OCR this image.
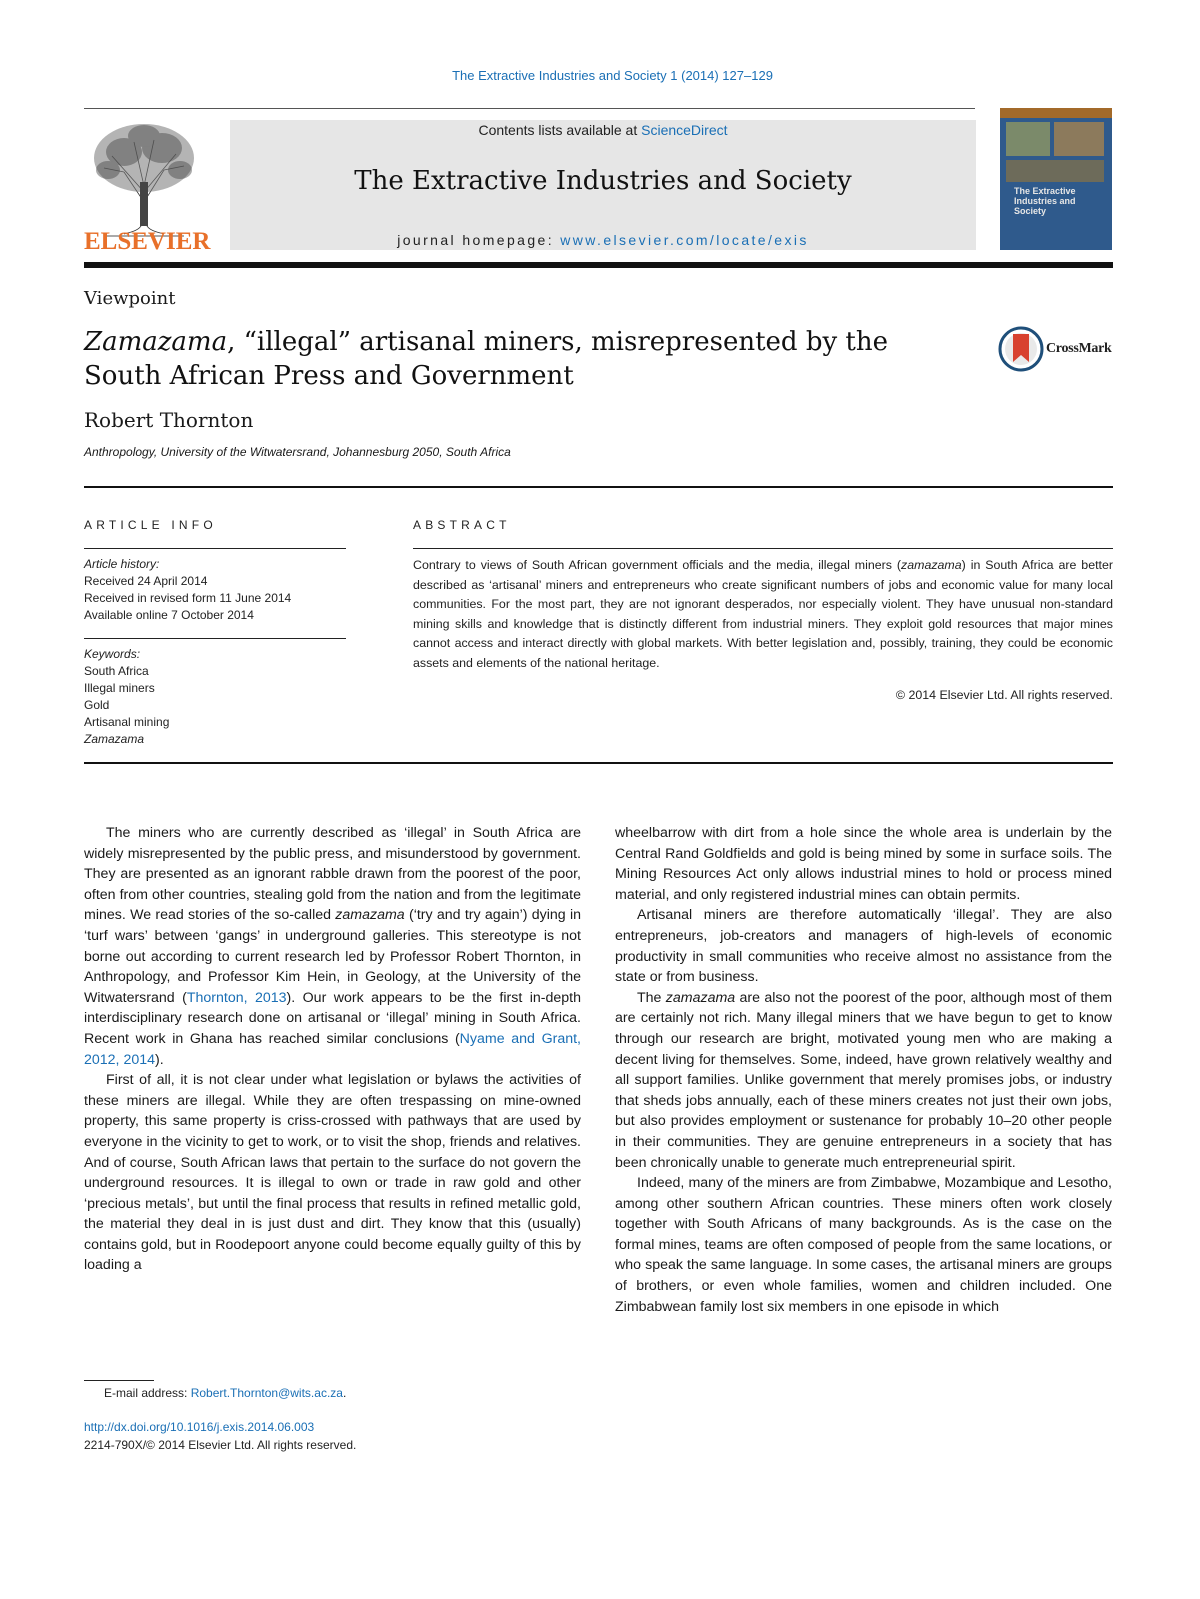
The Extractive Industries and Society 1 (2014) 127–129
ELSEVIER
Contents lists available at ScienceDirect
The Extractive Industries and Society
journal homepage: www.elsevier.com/locate/exis
The Extractive Industries and Society
Viewpoint
Zamazama, “illegal” artisanal miners, misrepresented by the South African Press and Government
Robert Thornton
Anthropology, University of the Witwatersrand, Johannesburg 2050, South Africa
CrossMark
ARTICLE INFO	ABSTRACT
Article history:
Received 24 April 2014
Received in revised form 11 June 2014
Available online 7 October 2014
Keywords:
South Africa
Illegal miners
Gold
Artisanal mining
Zamazama
Contrary to views of South African government officials and the media, illegal miners (zamazama) in South Africa are better described as ‘artisanal’ miners and entrepreneurs who create significant numbers of jobs and economic value for many local communities. For the most part, they are not ignorant desperados, nor especially violent. They have unusual non-standard mining skills and knowledge that is distinctly different from industrial miners. They exploit gold resources that major mines cannot access and interact directly with global markets. With better legislation and, possibly, training, they could be economic assets and elements of the national heritage.
© 2014 Elsevier Ltd. All rights reserved.

The miners who are currently described as ‘illegal’ in South Africa are widely misrepresented by the public press, and misunderstood by government. They are presented as an ignorant rabble drawn from the poorest of the poor, often from other countries, stealing gold from the nation and from the legitimate mines. We read stories of the so-called zamazama (‘try and try again’) dying in ‘turf wars’ between ‘gangs’ in underground galleries. This stereotype is not borne out according to current research led by Professor Robert Thornton, in Anthropology, and Professor Kim Hein, in Geology, at the University of the Witwatersrand (Thornton, 2013). Our work appears to be the first in-depth interdisciplinary research done on artisanal or ‘illegal’ mining in South Africa. Recent work in Ghana has reached similar conclusions (Nyame and Grant, 2012, 2014).

First of all, it is not clear under what legislation or bylaws the activities of these miners are illegal. While they are often trespassing on mine-owned property, this same property is criss-crossed with pathways that are used by everyone in the vicinity to get to work, or to visit the shop, friends and relatives. And of course, South African laws that pertain to the surface do not govern the underground resources. It is illegal to own or trade in raw gold and other ‘precious metals’, but until the final process that results in refined metallic gold, the material they deal in is just dust and dirt. They know that this (usually) contains gold, but in Roodepoort anyone could become equally guilty of this by loading a

wheelbarrow with dirt from a hole since the whole area is underlain by the Central Rand Goldfields and gold is being mined by some in surface soils. The Mining Resources Act only allows industrial mines to hold or process mined material, and only registered industrial mines can obtain permits.

Artisanal miners are therefore automatically ‘illegal’. They are also entrepreneurs, job-creators and managers of high-levels of economic productivity in small communities who receive almost no assistance from the state or from business.

The zamazama are also not the poorest of the poor, although most of them are certainly not rich. Many illegal miners that we have begun to get to know through our research are bright, motivated young men who are making a decent living for themselves. Some, indeed, have grown relatively wealthy and all support families. Unlike government that merely promises jobs, or industry that sheds jobs annually, each of these miners creates not just their own jobs, but also provides employment or sustenance for probably 10–20 other people in their communities. They are genuine entrepreneurs in a society that has been chronically unable to generate much entrepreneurial spirit.

Indeed, many of the miners are from Zimbabwe, Mozambique and Lesotho, among other southern African countries. These miners often work closely together with South Africans of many backgrounds. As is the case on the formal mines, teams are often composed of people from the same locations, or who speak the same language. In some cases, the artisanal miners are groups of brothers, or even whole families, women and children included. One Zimbabwean family lost six members in one episode in which

E-mail address: Robert.Thornton@wits.ac.za.
http://dx.doi.org/10.1016/j.exis.2014.06.003
2214-790X/© 2014 Elsevier Ltd. All rights reserved.
